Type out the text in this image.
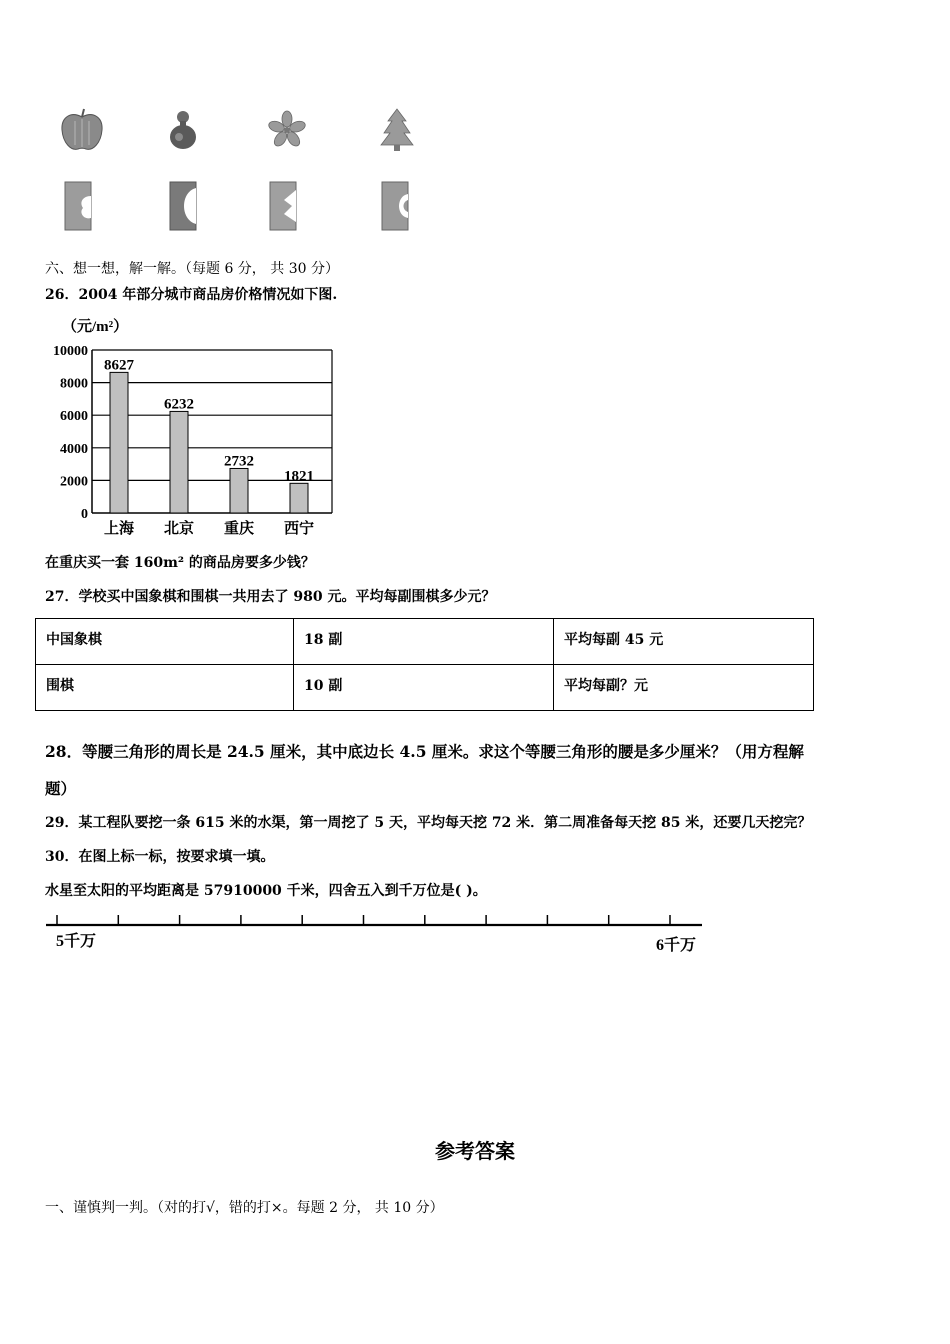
六、想一想，解一解。（每题 6 分， 共 30 分）
26．2004 年部分城市商品房价格情况如下图.
（元/m²）
0
2000
4000
6000
8000
10000
8627
上海
6232
北京
2732
重庆
1821
西宁
在重庆买一套 160m² 的商品房要多少钱？
27．学校买中国象棋和围棋一共用去了 980 元。平均每副围棋多少元？
中国象棋	18 副	平均每副 45 元
围棋	10 副	平均每副？元
28．等腰三角形的周长是 24.5 厘米，其中底边长 4.5 厘米。求这个等腰三角形的腰是多少厘米？（用方程解
题）
29．某工程队要挖一条 615 米的水渠，第一周挖了 5 天，平均每天挖 72 米．第二周准备每天挖 85 米，还要几天挖完？
30．在图上标一标，按要求填一填。
水星至太阳的平均距离是 57910000 千米，四舍五入到千万位是( )。
5千万	6千万
参考答案
一、谨慎判一判。（对的打√，错的打×。每题 2 分， 共 10 分）
